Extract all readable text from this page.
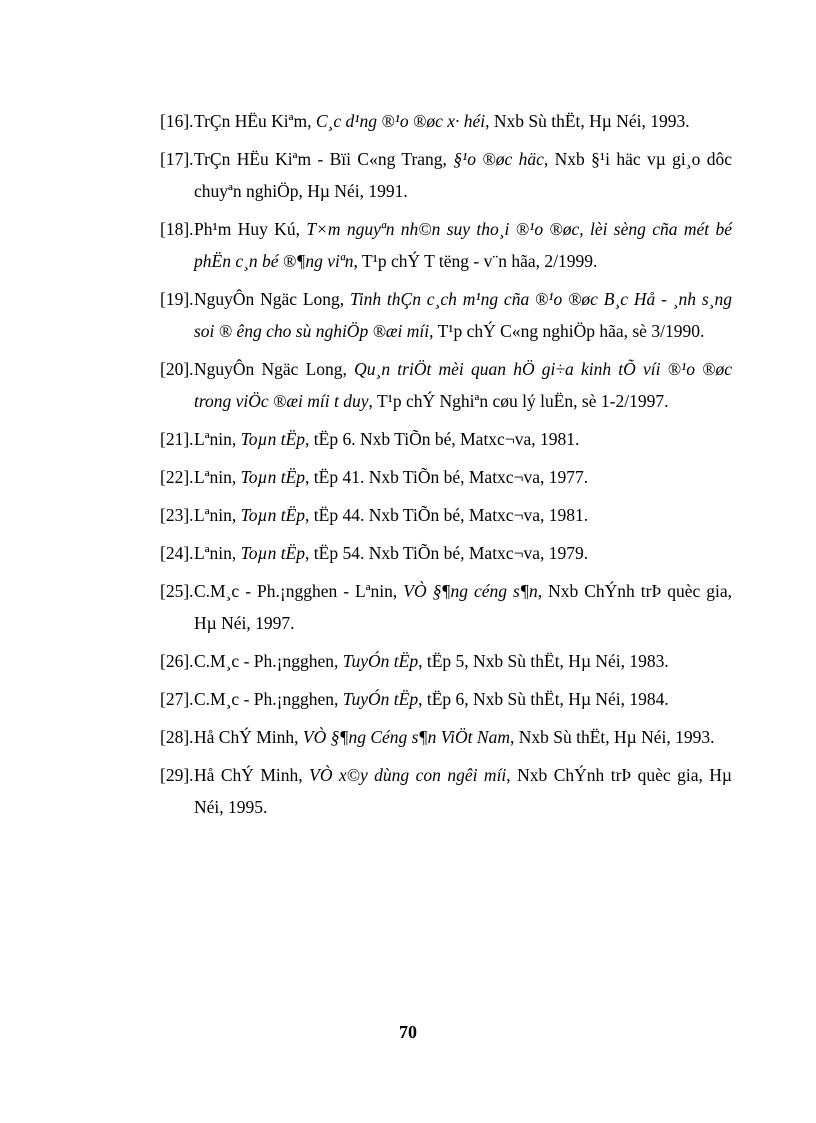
[16]. TrÇn HËu Kiªm, C¸c d¹ng ®¹o ®øc x· héi, Nxb Sù thËt, Hµ Néi, 1993.
[17]. TrÇn HËu Kiªm - Bïi C«ng Trang, §¹o ®øc häc, Nxb §¹i häc vµ gi¸o dôc chuyªn nghiÖp, Hµ Néi, 1991.
[18]. Ph¹m Huy Kú, T×m nguyªn nh©n suy tho¸i ®¹o ®øc, lèi sèng cña mét bé phËn c¸n bé ®¶ng viªn, T¹p chÝ T tëng - v¨n hãa, 2/1999.
[19]. NguyÔn Ngäc Long, Tinh thÇn c¸ch m¹ng cña ®¹o ®øc B¸c Hå - ¸nh s¸ng soi ® êng cho sù nghiÖp ®æi míi, T¹p chÝ C«ng nghiÖp hãa, sè 3/1990.
[20]. NguyÔn Ngäc Long, Qu¸n triÖt mèi quan hÖ gi÷a kinh tÕ víi ®¹o ®øc trong viÖc ®æi míi t duy, T¹p chÝ Nghiªn cøu lý luËn, sè 1-2/1997.
[21]. Lªnin, Toµn tËp, tËp 6. Nxb TiÕn bé, Matxc¬va, 1981.
[22]. Lªnin, Toµn tËp, tËp 41. Nxb TiÕn bé, Matxc¬va, 1977.
[23]. Lªnin, Toµn tËp, tËp 44. Nxb TiÕn bé, Matxc¬va, 1981.
[24]. Lªnin, Toµn tËp, tËp 54. Nxb TiÕn bé, Matxc¬va, 1979.
[25]. C.M¸c - Ph.¡ngghen - Lªnin, VÒ §¶ng céng s¶n, Nxb ChÝnh trÞ quèc gia, Hµ Néi, 1997.
[26]. C.M¸c - Ph.¡ngghen, TuyÓn tËp, tËp 5, Nxb Sù thËt, Hµ Néi, 1983.
[27]. C.M¸c - Ph.¡ngghen, TuyÓn tËp, tËp 6, Nxb Sù thËt, Hµ Néi, 1984.
[28]. Hå ChÝ Minh, VÒ §¶ng Céng s¶n ViÖt Nam, Nxb Sù thËt, Hµ Néi, 1993.
[29]. Hå ChÝ Minh, VÒ x©y dùng con ngêi míi, Nxb ChÝnh trÞ quèc gia, Hµ Néi, 1995.
70
